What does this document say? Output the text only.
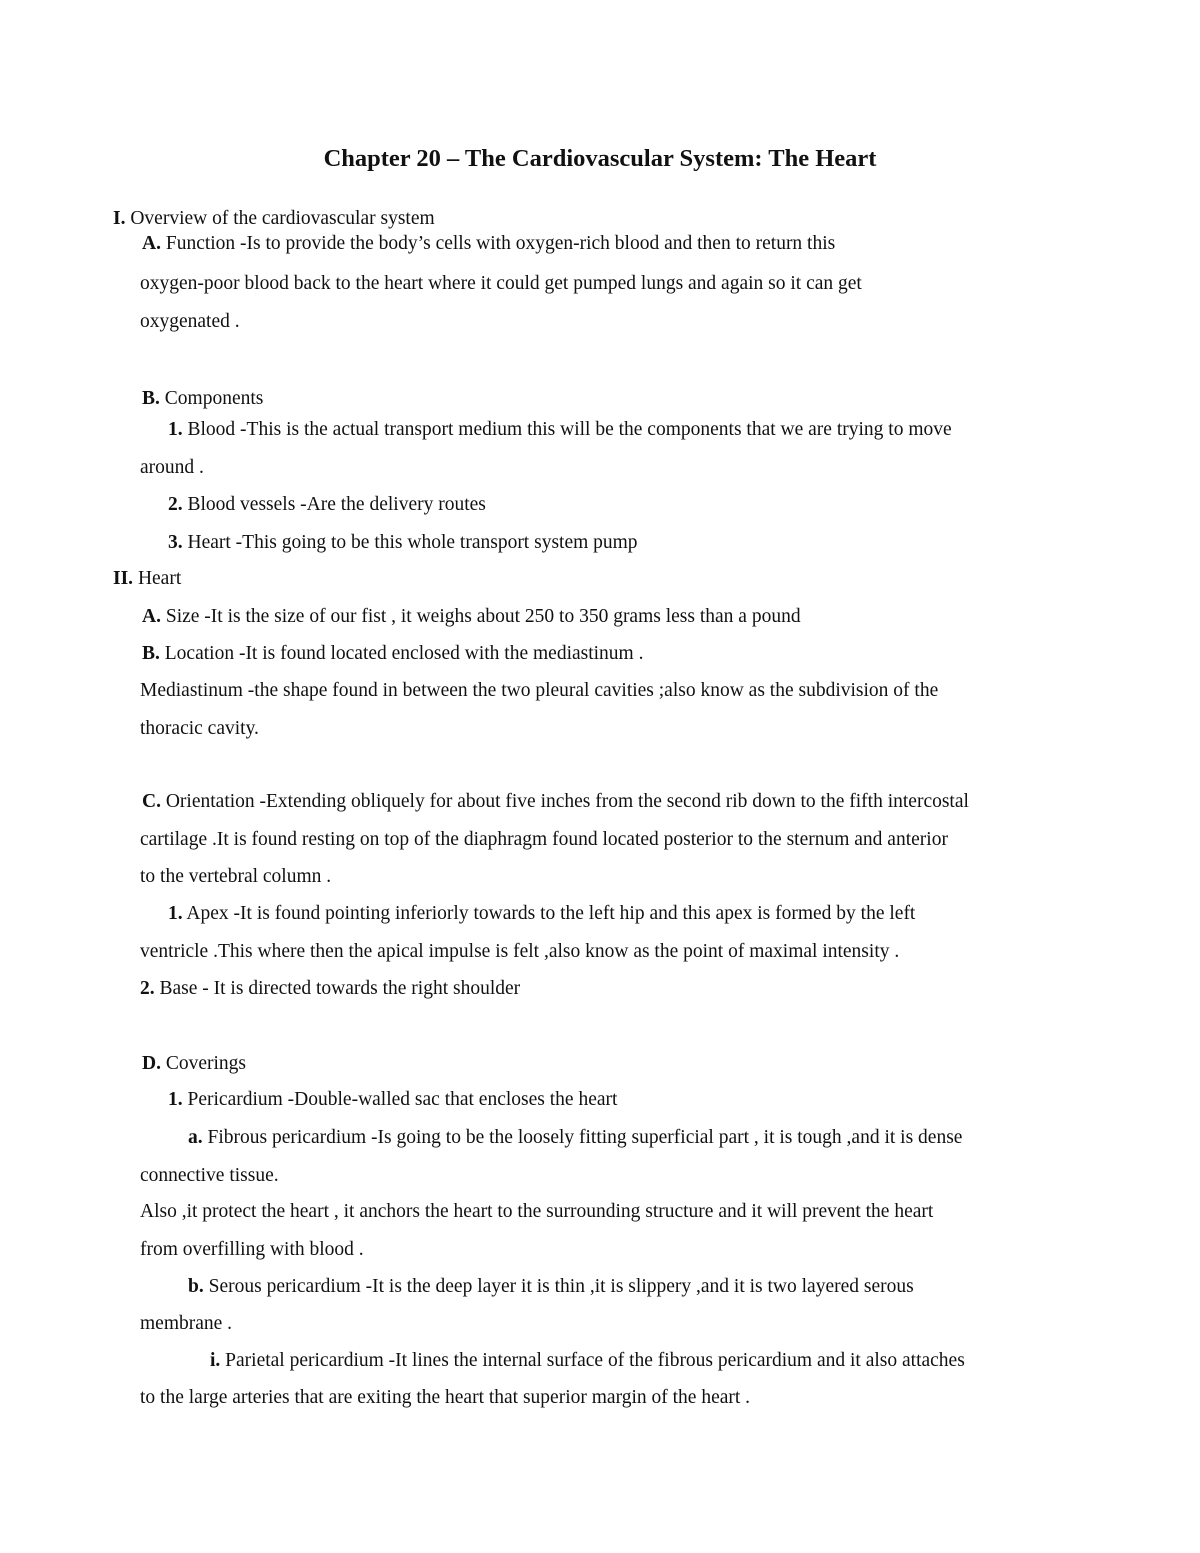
Chapter 20 – The Cardiovascular System: The Heart
I. Overview of the cardiovascular system
A. Function -Is to provide the body’s cells with oxygen-rich blood and then to return this
oxygen-poor blood back to the heart where it could get pumped lungs and again so it can get
oxygenated .
B. Components
1. Blood -This is the actual transport medium this will be the components that we are trying to move
around .
2. Blood vessels -Are the delivery routes
3. Heart -This going to be this whole transport system pump
II. Heart
A. Size -It is the size of our fist , it weighs about 250 to 350 grams less than a pound
B. Location -It is found located enclosed with the mediastinum .
Mediastinum -the shape found in between the two pleural cavities ;also know as the subdivision of the
thoracic cavity.
C. Orientation -Extending obliquely for about five inches from the second rib down to the fifth intercostal
cartilage .It is found resting on top of the diaphragm found located posterior to the sternum and anterior
to the vertebral column .
1. Apex -It is found pointing inferiorly towards to the left hip and this apex is formed by the left
ventricle .This where then the apical impulse is felt ,also know as the point of maximal intensity .
2. Base - It is directed towards the right shoulder
D. Coverings
1. Pericardium -Double-walled sac that encloses the heart
a. Fibrous pericardium -Is going to be the loosely fitting superficial part , it is tough ,and it is dense
connective tissue.
Also ,it protect the heart , it anchors the heart to the surrounding structure and it will prevent the heart
from overfilling with blood .
b. Serous pericardium -It is the deep layer it is thin ,it is slippery ,and it is two layered serous
membrane .
i. Parietal pericardium -It lines the internal surface of the fibrous pericardium and it also attaches
to the large arteries that are exiting the heart that superior margin of the heart .
